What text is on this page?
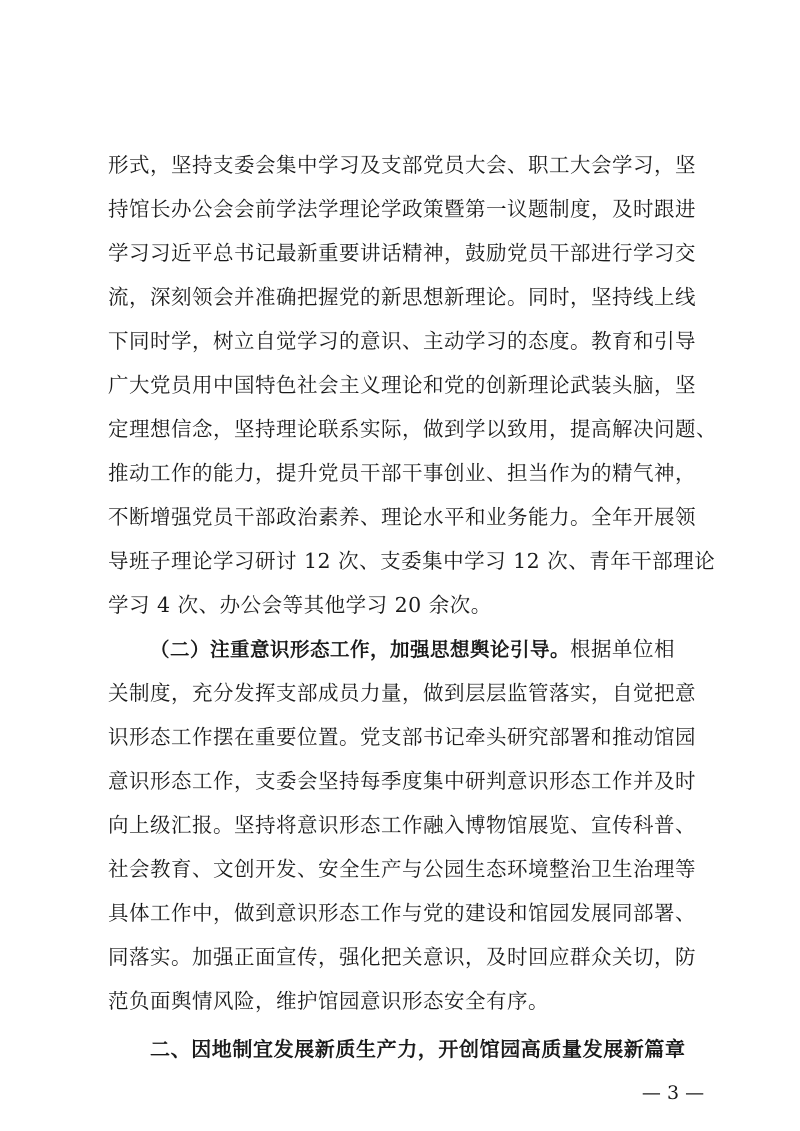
形式，坚持支委会集中学习及支部党员大会、职工大会学习，坚
持馆长办公会会前学法学理论学政策暨第一议题制度，及时跟进
学习习近平总书记最新重要讲话精神，鼓励党员干部进行学习交
流，深刻领会并准确把握党的新思想新理论。同时，坚持线上线
下同时学，树立自觉学习的意识、主动学习的态度。教育和引导
广大党员用中国特色社会主义理论和党的创新理论武装头脑，坚
定理想信念，坚持理论联系实际，做到学以致用，提高解决问题、
推动工作的能力，提升党员干部干事创业、担当作为的精气神，
不断增强党员干部政治素养、理论水平和业务能力。全年开展领
导班子理论学习研讨 12 次、支委集中学习 12 次、青年干部理论
学习 4 次、办公会等其他学习 20 余次。
（二）注重意识形态工作，加强思想舆论引导。根据单位相
关制度，充分发挥支部成员力量，做到层层监管落实，自觉把意
识形态工作摆在重要位置。党支部书记牵头研究部署和推动馆园
意识形态工作，支委会坚持每季度集中研判意识形态工作并及时
向上级汇报。坚持将意识形态工作融入博物馆展览、宣传科普、
社会教育、文创开发、安全生产与公园生态环境整治卫生治理等
具体工作中，做到意识形态工作与党的建设和馆园发展同部署、
同落实。加强正面宣传，强化把关意识，及时回应群众关切，防
范负面舆情风险，维护馆园意识形态安全有序。
二、因地制宜发展新质生产力，开创馆园高质量发展新篇章
— 3 —
